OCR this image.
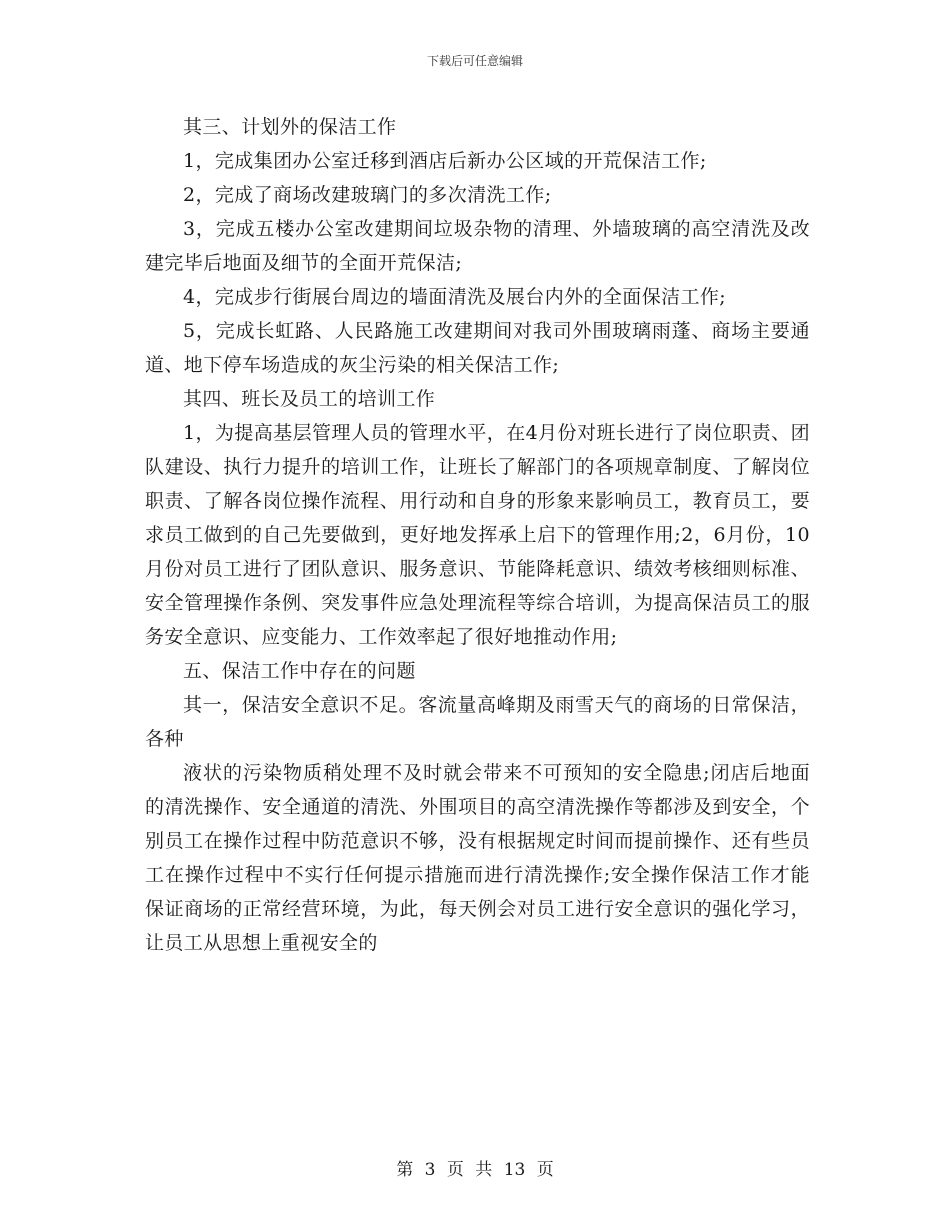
下载后可任意编辑

其三、计划外的保洁工作

1，完成集团办公室迁移到酒店后新办公区域的开荒保洁工作;

2，完成了商场改建玻璃门的多次清洗工作;

3，完成五楼办公室改建期间垃圾杂物的清理、外墙玻璃的高空清洗及改建完毕后地面及细节的全面开荒保洁;

4，完成步行街展台周边的墙面清洗及展台内外的全面保洁工作;

5，完成长虹路、人民路施工改建期间对我司外围玻璃雨蓬、商场主要通道、地下停车场造成的灰尘污染的相关保洁工作;

其四、班长及员工的培训工作

1，为提高基层管理人员的管理水平，在4月份对班长进行了岗位职责、团队建设、执行力提升的培训工作，让班长了解部门的各项规章制度、了解岗位职责、了解各岗位操作流程、用行动和自身的形象来影响员工，教育员工，要求员工做到的自己先要做到，更好地发挥承上启下的管理作用;2，6月份，10月份对员工进行了团队意识、服务意识、节能降耗意识、绩效考核细则标准、安全管理操作条例、突发事件应急处理流程等综合培训，为提高保洁员工的服务安全意识、应变能力、工作效率起了很好地推动作用;

五、保洁工作中存在的问题

其一，保洁安全意识不足。客流量高峰期及雨雪天气的商场的日常保洁，各种

液状的污染物质稍处理不及时就会带来不可预知的安全隐患;闭店后地面的清洗操作、安全通道的清洗、外围项目的高空清洗操作等都涉及到安全，个别员工在操作过程中防范意识不够，没有根据规定时间而提前操作、还有些员工在操作过程中不实行任何提示措施而进行清洗操作;安全操作保洁工作才能保证商场的正常经营环境，为此，每天例会对员工进行安全意识的强化学习，让员工从思想上重视安全的

第 3 页 共 13 页
